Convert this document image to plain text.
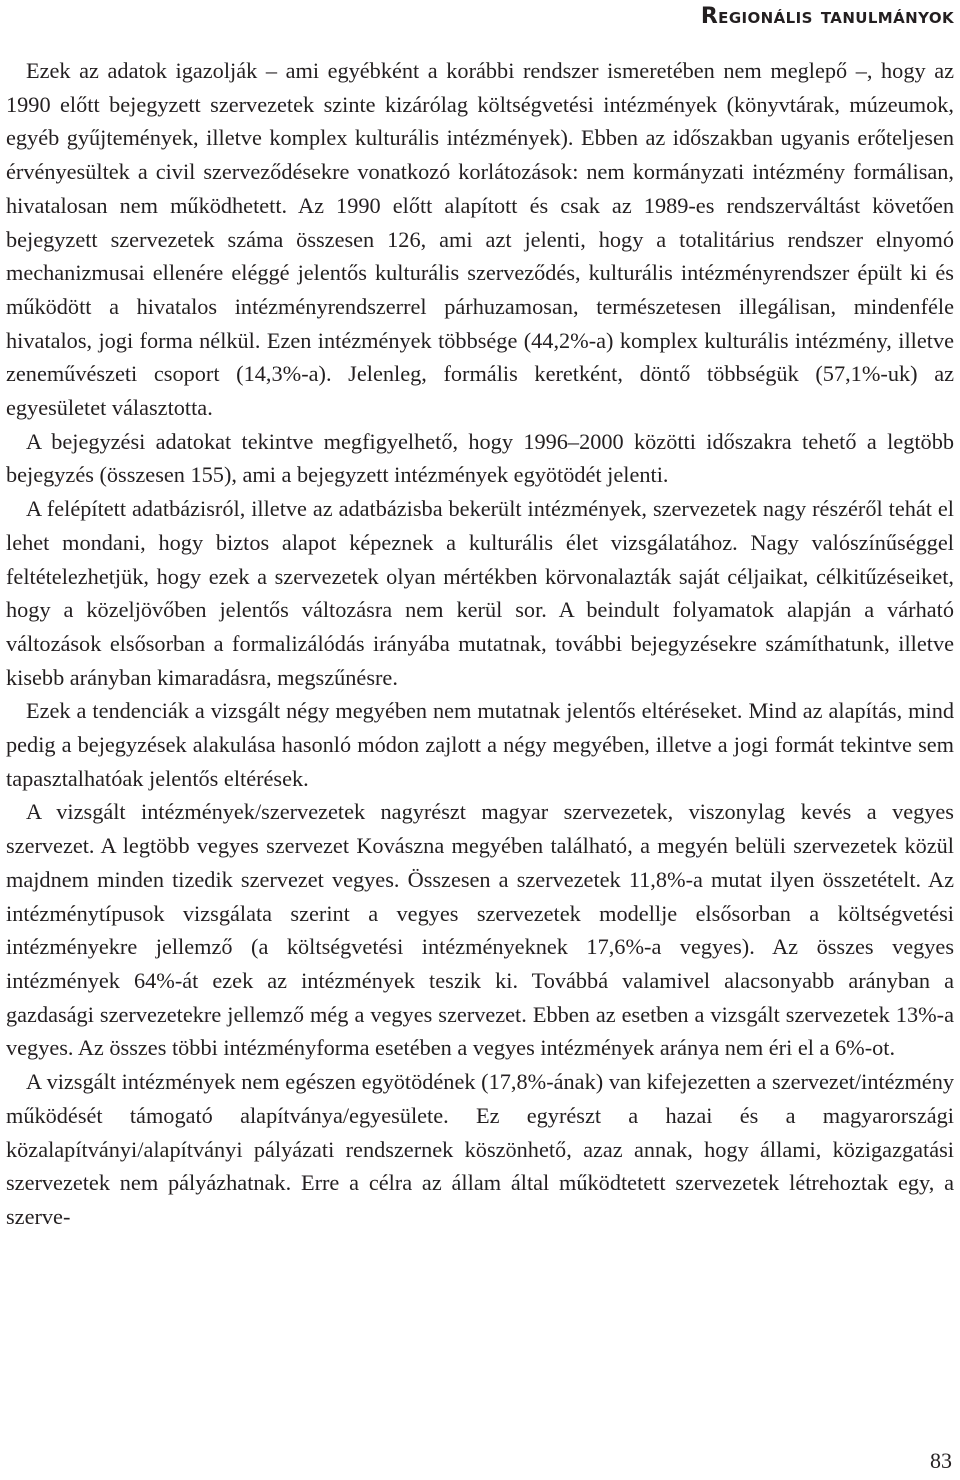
Regionális tanulmányok

Ezek az adatok igazolják – ami egyébként a korábbi rendszer ismeretében nem meglepő –, hogy az 1990 előtt bejegyzett szervezetek szinte kizárólag költségvetési intézmények (könyvtárak, múzeumok, egyéb gyűjtemények, illetve komplex kulturális intézmények). Ebben az időszakban ugyanis erőteljesen érvényesültek a civil szerveződésekre vonatkozó korlátozások: nem kormányzati intézmény formálisan, hivatalosan nem működhetett. Az 1990 előtt alapított és csak az 1989-es rendszerváltást követően bejegyzett szervezetek száma összesen 126, ami azt jelenti, hogy a totalitárius rendszer elnyomó mechanizmusai ellenére eléggé jelentős kulturális szerveződés, kulturális intézményrendszer épült ki és működött a hivatalos intézményrendszerrel párhuzamosan, természetesen illegálisan, mindenféle hivatalos, jogi forma nélkül. Ezen intézmények többsége (44,2%-a) komplex kulturális intézmény, illetve zeneművészeti csoport (14,3%-a). Jelenleg, formális keretként, döntő többségük (57,1%-uk) az egyesületet választotta.

A bejegyzési adatokat tekintve megfigyelhető, hogy 1996–2000 közötti időszakra tehető a legtöbb bejegyzés (összesen 155), ami a bejegyzett intézmények egyötödét jelenti.

A felépített adatbázisról, illetve az adatbázisba bekerült intézmények, szervezetek nagy részéről tehát el lehet mondani, hogy biztos alapot képeznek a kulturális élet vizsgálatához. Nagy valószínűséggel feltételezhetjük, hogy ezek a szervezetek olyan mértékben körvonalazták saját céljaikat, célkitűzéseiket, hogy a közeljövőben jelentős változásra nem kerül sor. A beindult folyamatok alapján a várható változások elsősorban a formalizálódás irányába mutatnak, további bejegyzésekre számíthatunk, illetve kisebb arányban kimaradásra, megszűnésre.

Ezek a tendenciák a vizsgált négy megyében nem mutatnak jelentős eltéréseket. Mind az alapítás, mind pedig a bejegyzések alakulása hasonló módon zajlott a négy megyében, illetve a jogi formát tekintve sem tapasztalhatóak jelentős eltérések.

A vizsgált intézmények/szervezetek nagyrészt magyar szervezetek, viszonylag kevés a vegyes szervezet. A legtöbb vegyes szervezet Kovászna megyében található, a megyén belüli szervezetek közül majdnem minden tizedik szervezet vegyes. Összesen a szervezetek 11,8%-a mutat ilyen összetételt. Az intézménytípusok vizsgálata szerint a vegyes szervezetek modellje elsősorban a költségvetési intézményekre jellemző (a költségvetési intézményeknek 17,6%-a vegyes). Az összes vegyes intézmények 64%-át ezek az intézmények teszik ki. Továbbá valamivel alacsonyabb arányban a gazdasági szervezetekre jellemző még a vegyes szervezet. Ebben az esetben a vizsgált szervezetek 13%-a vegyes. Az összes többi intézményforma esetében a vegyes intézmények aránya nem éri el a 6%-ot.

A vizsgált intézmények nem egészen egyötödének (17,8%-ának) van kifejezetten a szervezet/intézmény működését támogató alapítványa/egyesülete. Ez egyrészt a hazai és a magyarországi közalapítványi/alapítványi pályázati rendszernek köszönhető, azaz annak, hogy állami, közigazgatási szervezetek nem pályázhatnak. Erre a célra az állam által működtetett szervezetek létrehoztak egy, a szerve-

83
